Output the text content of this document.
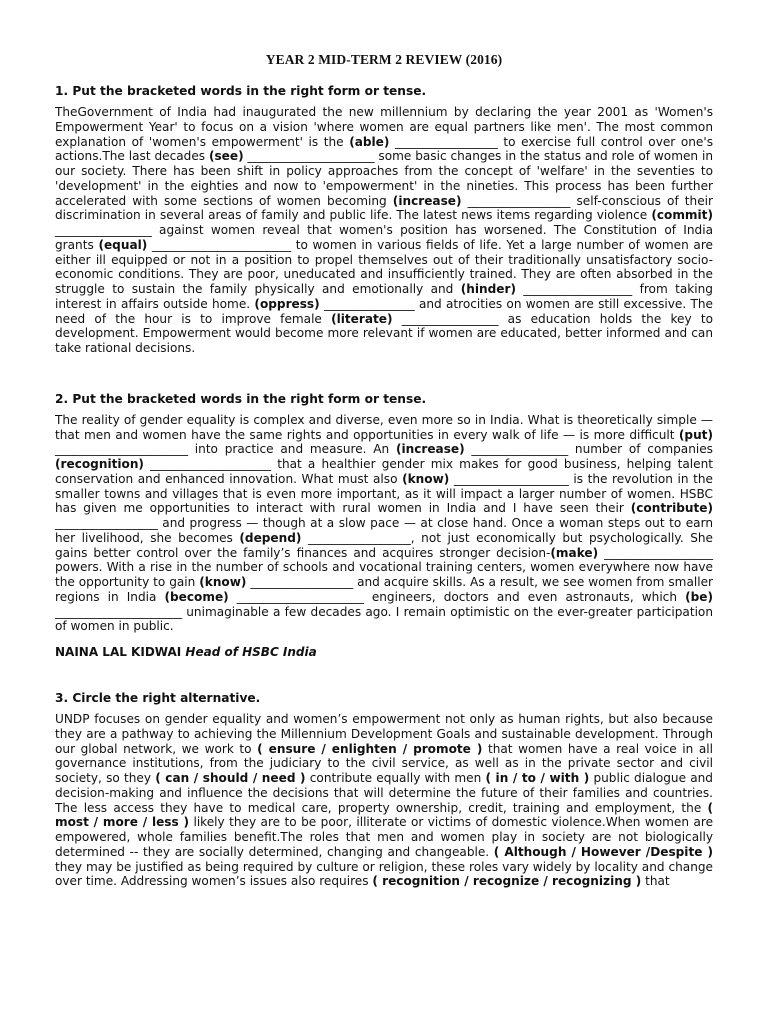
YEAR 2 MID-TERM 2 REVIEW (2016)

1. Put the bracketed words in the right form or tense.

TheGovernment of India had inaugurated the new millennium by declaring the year 2001 as 'Women's Empowerment Year' to focus on a vision 'where women are equal partners like men'. The most common explanation of 'women's empowerment' is the (able) _________________ to exercise full control over one's actions.The last decades (see) _____________________ some basic changes in the status and role of women in our society. There has been shift in policy approaches from the concept of 'welfare' in the seventies to 'development' in the eighties and now to 'empowerment' in the nineties. This process has been further accelerated with some sections of women becoming (increase) _________________ self-conscious of their discrimination in several areas of family and public life. The latest news items regarding violence (commit) ________________ against women reveal that women's position has worsened. The Constitution of India grants (equal) _______________________ to women in various fields of life. Yet a large number of women are either ill equipped or not in a position to propel themselves out of their traditionally unsatisfactory socio-economic conditions. They are poor, uneducated and insufficiently trained. They are often absorbed in the struggle to sustain the family physically and emotionally and (hinder) __________________ from taking interest in affairs outside home. (oppress) _______________ and atrocities on women are still excessive. The need of the hour is to improve female (literate) ________________ as education holds the key to development. Empowerment would become more relevant if women are educated, better informed and can take rational decisions.

2. Put the bracketed words in the right form or tense.

The reality of gender equality is complex and diverse, even more so in India. What is theoretically simple — that men and women have the same rights and opportunities in every walk of life — is more difficult (put) ______________________ into practice and measure. An (increase) ________________ number of companies (recognition) ____________________ that a healthier gender mix makes for good business, helping talent conservation and enhanced innovation. What must also (know) ___________________ is the revolution in the smaller towns and villages that is even more important, as it will impact a larger number of women. HSBC has given me opportunities to interact with rural women in India and I have seen their (contribute) _________________ and progress — though at a slow pace — at close hand. Once a woman steps out to earn her livelihood, she becomes (depend) _________________, not just economically but psychologically. She gains better control over the family’s finances and acquires stronger decision-(make) __________________ powers. With a rise in the number of schools and vocational training centers, women everywhere now have the opportunity to gain (know) _________________ and acquire skills. As a result, we see women from smaller regions in India (become) _____________________ engineers, doctors and even astronauts, which (be) _____________________ unimaginable a few decades ago. I remain optimistic on the ever-greater participation of women in public.

NAINA LAL KIDWAI Head of HSBC India

3. Circle the right alternative.

UNDP focuses on gender equality and women’s empowerment not only as human rights, but also because they are a pathway to achieving the Millennium Development Goals and sustainable development. Through our global network, we work to ( ensure / enlighten / promote ) that women have a real voice in all governance institutions, from the judiciary to the civil service, as well as in the private sector and civil society, so they ( can / should / need ) contribute equally with men ( in / to / with ) public dialogue and decision-making and influence the decisions that will determine the future of their families and countries. The less access they have to medical care, property ownership, credit, training and employment, the ( most / more / less ) likely they are to be poor, illiterate or victims of domestic violence.When women are empowered, whole families benefit.The roles that men and women play in society are not biologically determined -- they are socially determined, changing and changeable. ( Although / However /Despite ) they may be justified as being required by culture or religion, these roles vary widely by locality and change over time. Addressing women’s issues also requires ( recognition / recognize / recognizing ) that
